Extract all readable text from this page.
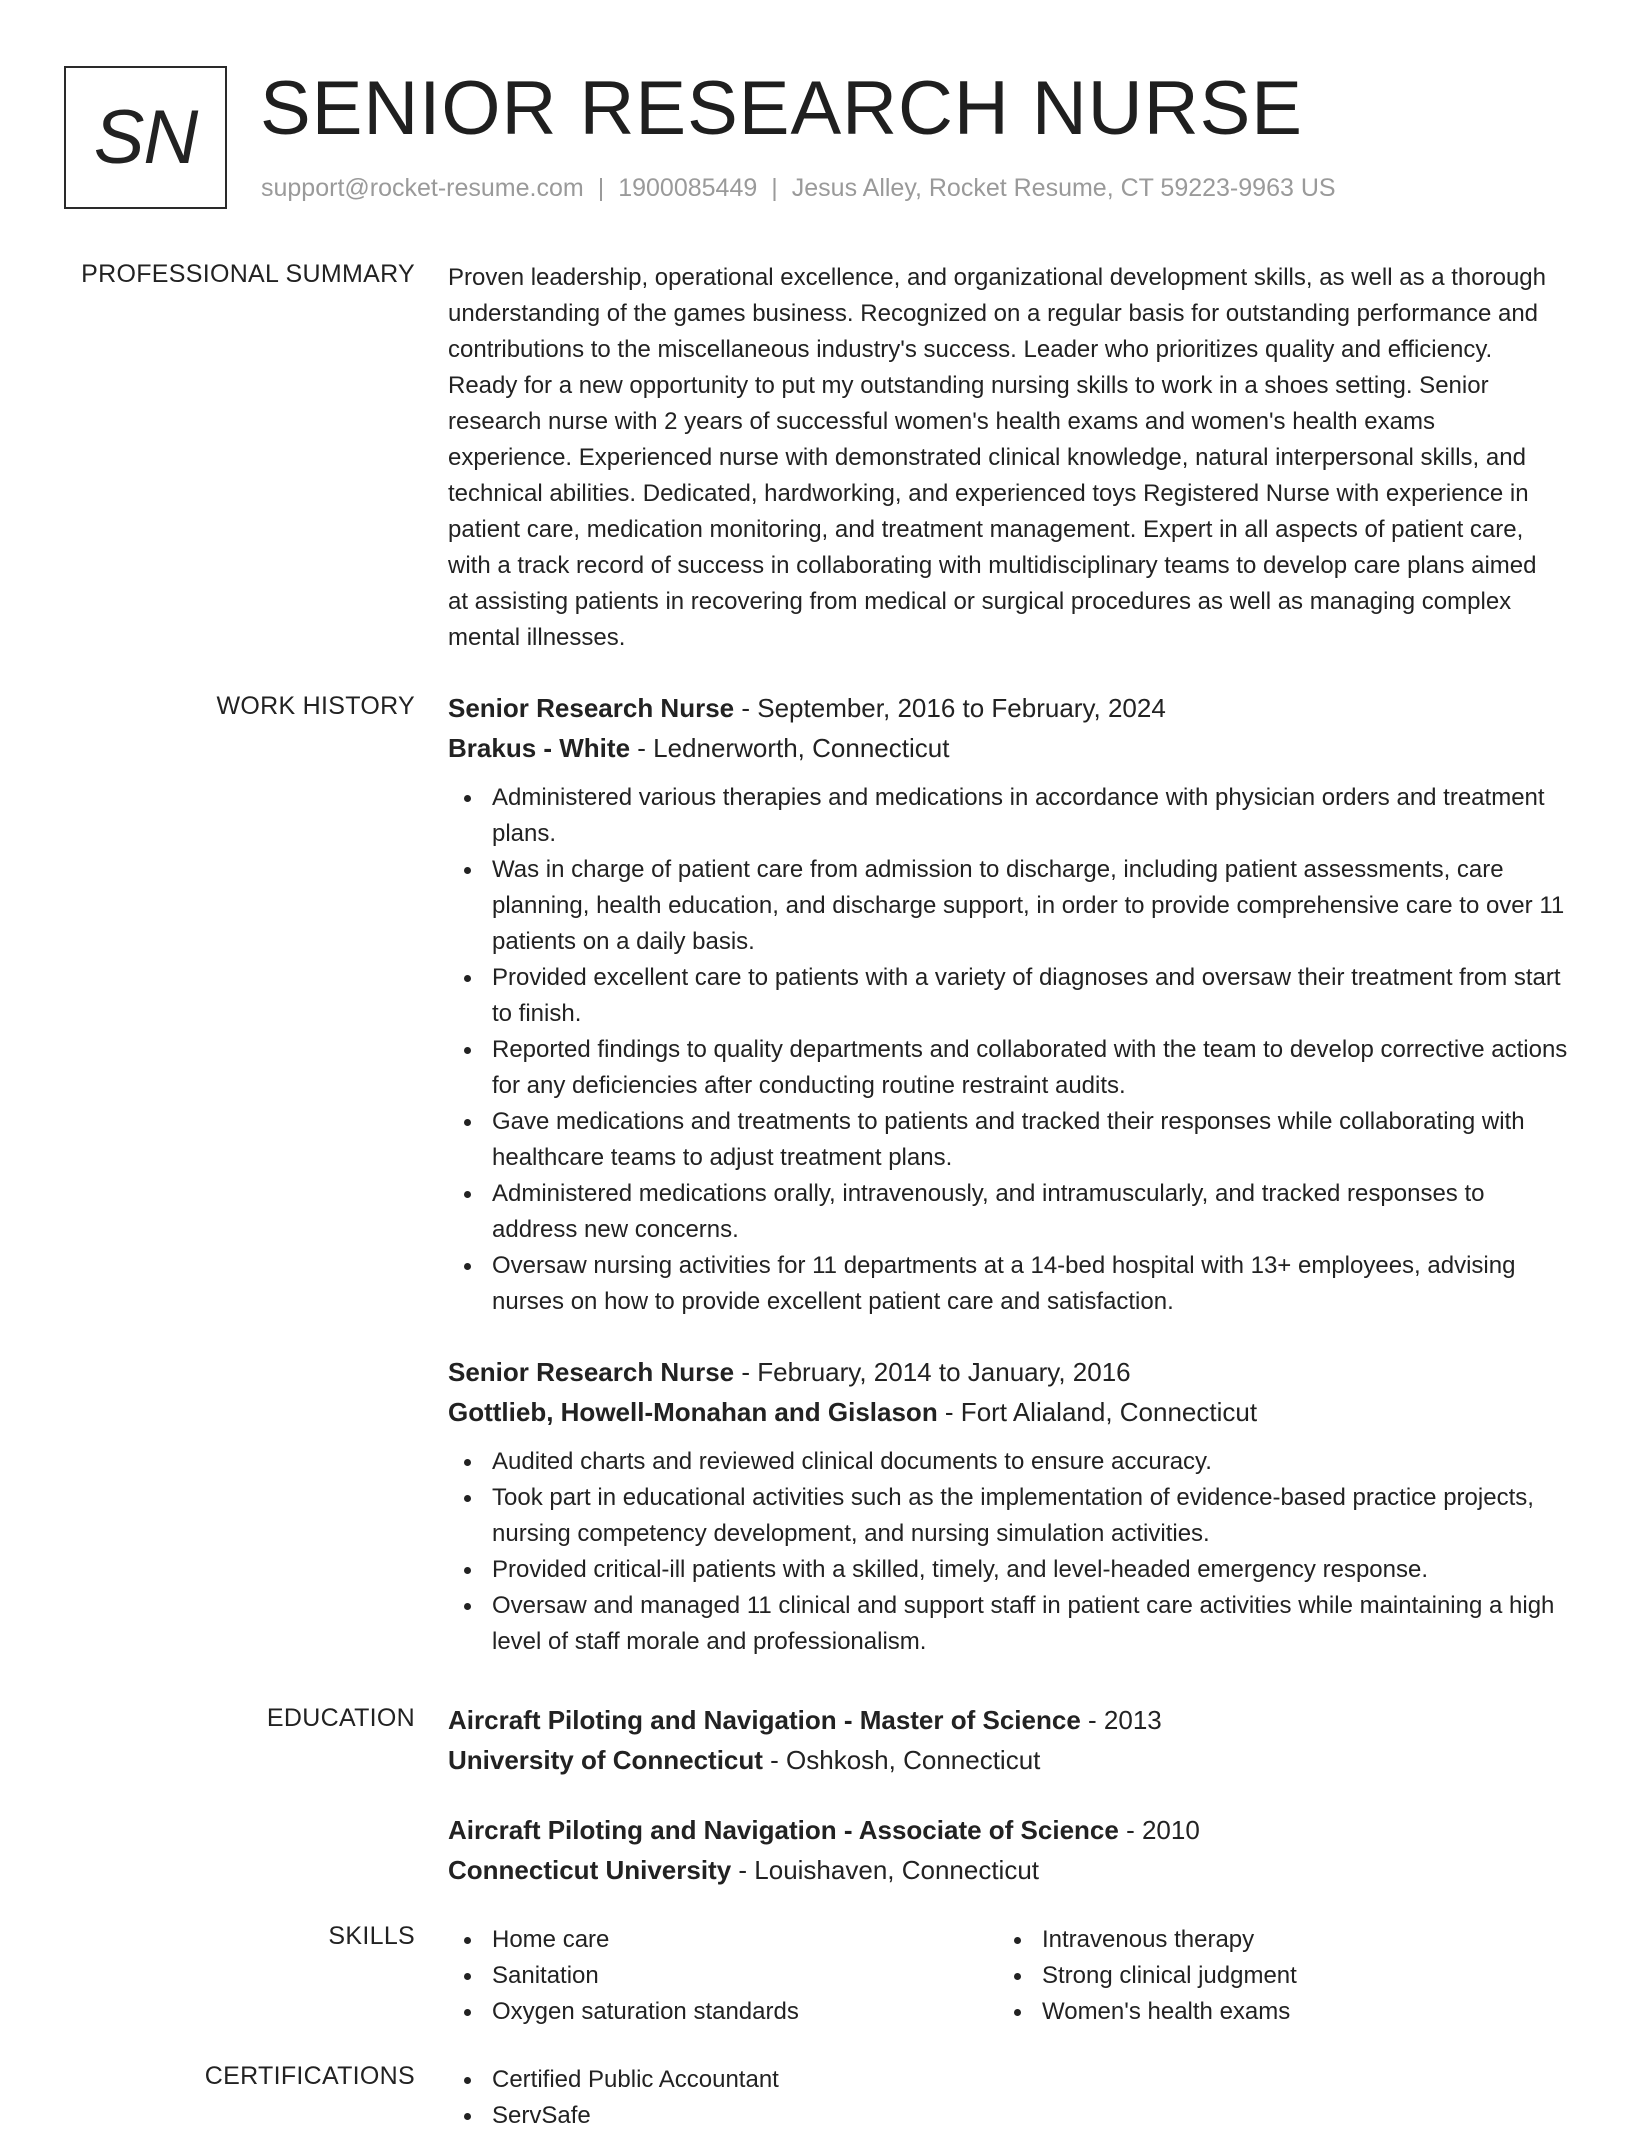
SN SENIOR RESEARCH NURSE
support@rocket-resume.com | 1900085449 | Jesus Alley, Rocket Resume, CT 59223-9963 US
PROFESSIONAL SUMMARY Proven leadership, operational excellence, and organizational development skills, as well as a thorough understanding of the games business. Recognized on a regular basis for outstanding performance and contributions to the miscellaneous industry's success. Leader who prioritizes quality and efficiency. Ready for a new opportunity to put my outstanding nursing skills to work in a shoes setting. Senior research nurse with 2 years of successful women's health exams and women's health exams experience. Experienced nurse with demonstrated clinical knowledge, natural interpersonal skills, and technical abilities. Dedicated, hardworking, and experienced toys Registered Nurse with experience in patient care, medication monitoring, and treatment management. Expert in all aspects of patient care, with a track record of success in collaborating with multidisciplinary teams to develop care plans aimed at assisting patients in recovering from medical or surgical procedures as well as managing complex mental illnesses.
WORK HISTORY Senior Research Nurse - September, 2016 to February, 2024
Brakus - White - Lednerworth, Connecticut
Administered various therapies and medications in accordance with physician orders and treatment plans.
Was in charge of patient care from admission to discharge, including patient assessments, care planning, health education, and discharge support, in order to provide comprehensive care to over 11 patients on a daily basis.
Provided excellent care to patients with a variety of diagnoses and oversaw their treatment from start to finish.
Reported findings to quality departments and collaborated with the team to develop corrective actions for any deficiencies after conducting routine restraint audits.
Gave medications and treatments to patients and tracked their responses while collaborating with healthcare teams to adjust treatment plans.
Administered medications orally, intravenously, and intramuscularly, and tracked responses to address new concerns.
Oversaw nursing activities for 11 departments at a 14-bed hospital with 13+ employees, advising nurses on how to provide excellent patient care and satisfaction.
Senior Research Nurse - February, 2014 to January, 2016
Gottlieb, Howell-Monahan and Gislason - Fort Alialand, Connecticut
Audited charts and reviewed clinical documents to ensure accuracy.
Took part in educational activities such as the implementation of evidence-based practice projects, nursing competency development, and nursing simulation activities.
Provided critical-ill patients with a skilled, timely, and level-headed emergency response.
Oversaw and managed 11 clinical and support staff in patient care activities while maintaining a high level of staff morale and professionalism.
EDUCATION Aircraft Piloting and Navigation - Master of Science - 2013
University of Connecticut - Oshkosh, Connecticut
Aircraft Piloting and Navigation - Associate of Science - 2010
Connecticut University - Louishaven, Connecticut
SKILLS	Home care	Intravenous therapy
Sanitation	Strong clinical judgment
Oxygen saturation standards	Women's health exams
CERTIFICATIONS	Certified Public Accountant
ServSafe
